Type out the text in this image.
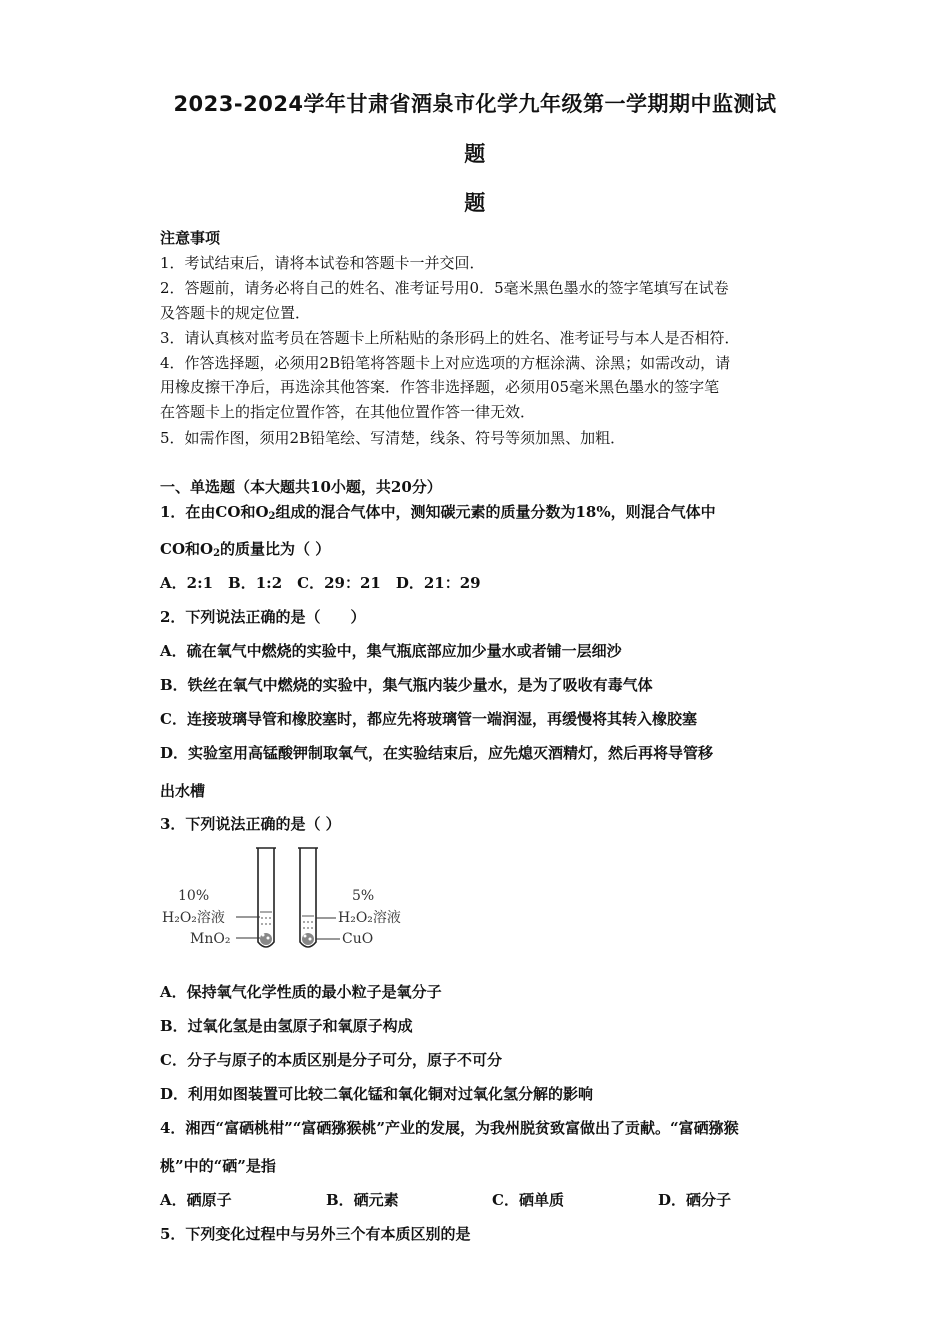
2023-2024学年甘肃省酒泉市化学九年级第一学期期中监测试
题
题
注意事项
1．考试结束后，请将本试卷和答题卡一并交回．
2．答题前，请务必将自己的姓名、准考证号用0．5毫米黑色墨水的签字笔填写在试卷
及答题卡的规定位置．
3．请认真核对监考员在答题卡上所粘贴的条形码上的姓名、准考证号与本人是否相符．
4．作答选择题，必须用2B铅笔将答题卡上对应选项的方框涂满、涂黑；如需改动，请
用橡皮擦干净后，再选涂其他答案．作答非选择题，必须用05毫米黑色墨水的签字笔
在答题卡上的指定位置作答，在其他位置作答一律无效．
5．如需作图，须用2B铅笔绘、写清楚，线条、符号等须加黑、加粗．
一、单选题（本大题共10小题，共20分）
1．在由CO和$O_2$组成的混合气体中，测知碳元素的质量分数为18%，则混合气体中
CO和$O_2$的质量比为（ ）
A．2:1　B．1:2　C．29：21　D．21：29
2．下列说法正确的是（　　）
A．硫在氧气中燃烧的实验中，集气瓶底部应加少量水或者铺一层细沙
B．铁丝在氧气中燃烧的实验中，集气瓶内装少量水，是为了吸收有毒气体
C．连接玻璃导管和橡胶塞时，都应先将玻璃管一端润湿，再缓慢将其转入橡胶塞
D．实验室用高锰酸钾制取氧气，在实验结束后，应先熄灭酒精灯，然后再将导管移
出水槽
3．下列说法正确的是（ ）
10%
H₂O₂溶液
MnO₂
5%
H₂O₂溶液
CuO
A．保持氧气化学性质的最小粒子是氧分子
B．过氧化氢是由氢原子和氧原子构成
C．分子与原子的本质区别是分子可分，原子不可分
D．利用如图装置可比较二氧化锰和氧化铜对过氧化氢分解的影响
4．湘西“富硒桃柑”“富硒猕猴桃”产业的发展，为我州脱贫致富做出了贡献。“富硒猕猴
桃”中的“硒”是指
A．硒原子	B．硒元素	C．硒单质	D．硒分子
5．下列变化过程中与另外三个有本质区别的是
